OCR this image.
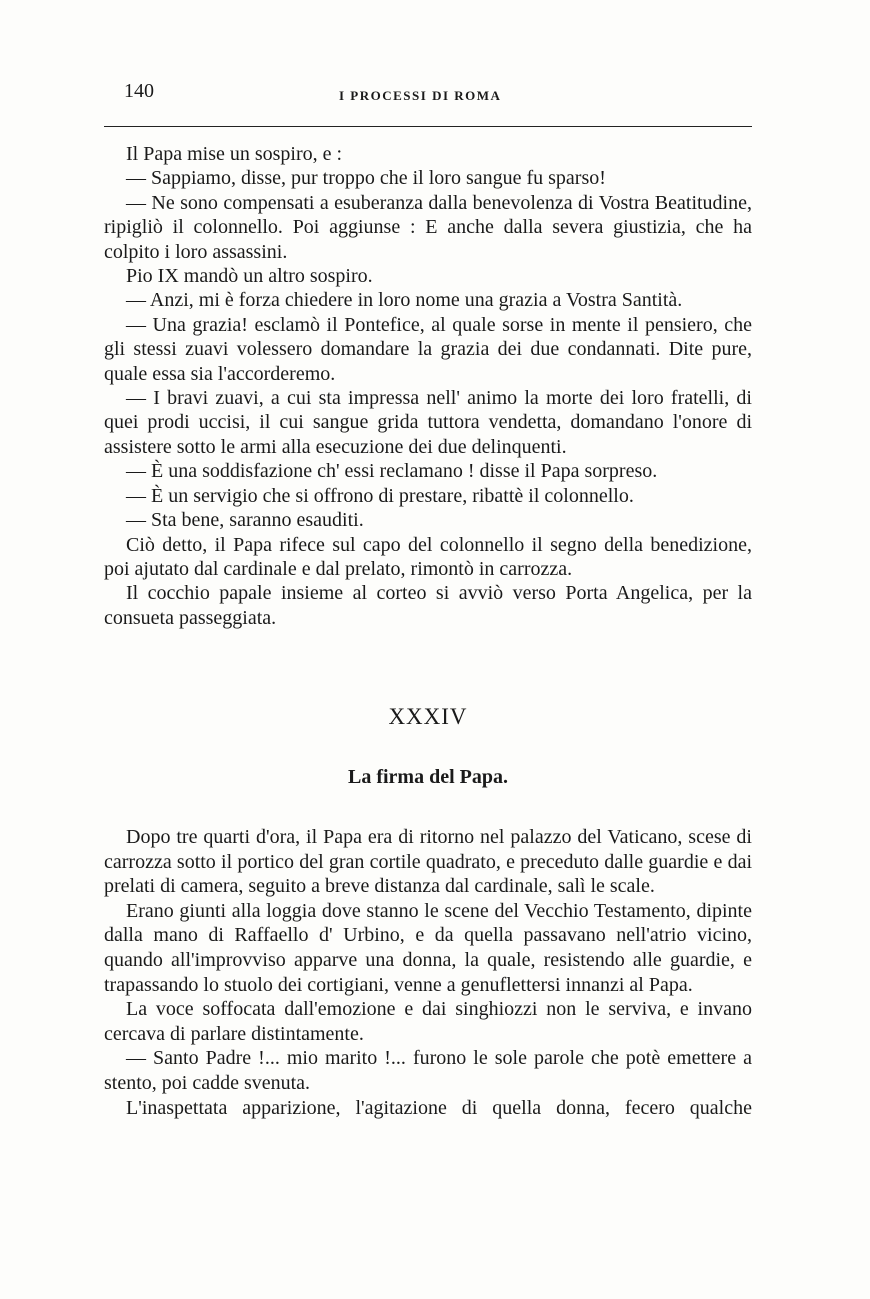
140	I PROCESSI DI ROMA

Il Papa mise un sospiro, e :

— Sappiamo, disse, pur troppo che il loro sangue fu sparso!

— Ne sono compensati a esuberanza dalla benevolenza di Vostra Beatitudine, ripigliò il colonnello. Poi aggiunse : E anche dalla severa giustizia, che ha colpito i loro assassini.

Pio IX mandò un altro sospiro.

— Anzi, mi è forza chiedere in loro nome una grazia a Vostra Santità.

— Una grazia! esclamò il Pontefice, al quale sorse in mente il pensiero, che gli stessi zuavi volessero domandare la grazia dei due condannati. Dite pure, quale essa sia l'accorderemo.

— I bravi zuavi, a cui sta impressa nell' animo la morte dei loro fratelli, di quei prodi uccisi, il cui sangue grida tuttora vendetta, domandano l'onore di assistere sotto le armi alla esecuzione dei due delinquenti.

— È una soddisfazione ch' essi reclamano ! disse il Papa sorpreso.

— È un servigio che si offrono di prestare, ribattè il colonnello.

— Sta bene, saranno esauditi.

Ciò detto, il Papa rifece sul capo del colonnello il segno della benedizione, poi ajutato dal cardinale e dal prelato, rimontò in carrozza.

Il cocchio papale insieme al corteo si avviò verso Porta Angelica, per la consueta passeggiata.

XXXIV
La firma del Papa.

Dopo tre quarti d'ora, il Papa era di ritorno nel palazzo del Vaticano, scese di carrozza sotto il portico del gran cortile quadrato, e preceduto dalle guardie e dai prelati di camera, seguito a breve distanza dal cardinale, salì le scale.

Erano giunti alla loggia dove stanno le scene del Vecchio Testamento, dipinte dalla mano di Raffaello d' Urbino, e da quella passavano nell'atrio vicino, quando all'improvviso apparve una donna, la quale, resistendo alle guardie, e trapassando lo stuolo dei cortigiani, venne a genuflettersi innanzi al Papa.

La voce soffocata dall'emozione e dai singhiozzi non le serviva, e invano cercava di parlare distintamente.

— Santo Padre !... mio marito !... furono le sole parole che potè emettere a stento, poi cadde svenuta.

L'inaspettata apparizione, l'agitazione di quella donna, fecero qualche
